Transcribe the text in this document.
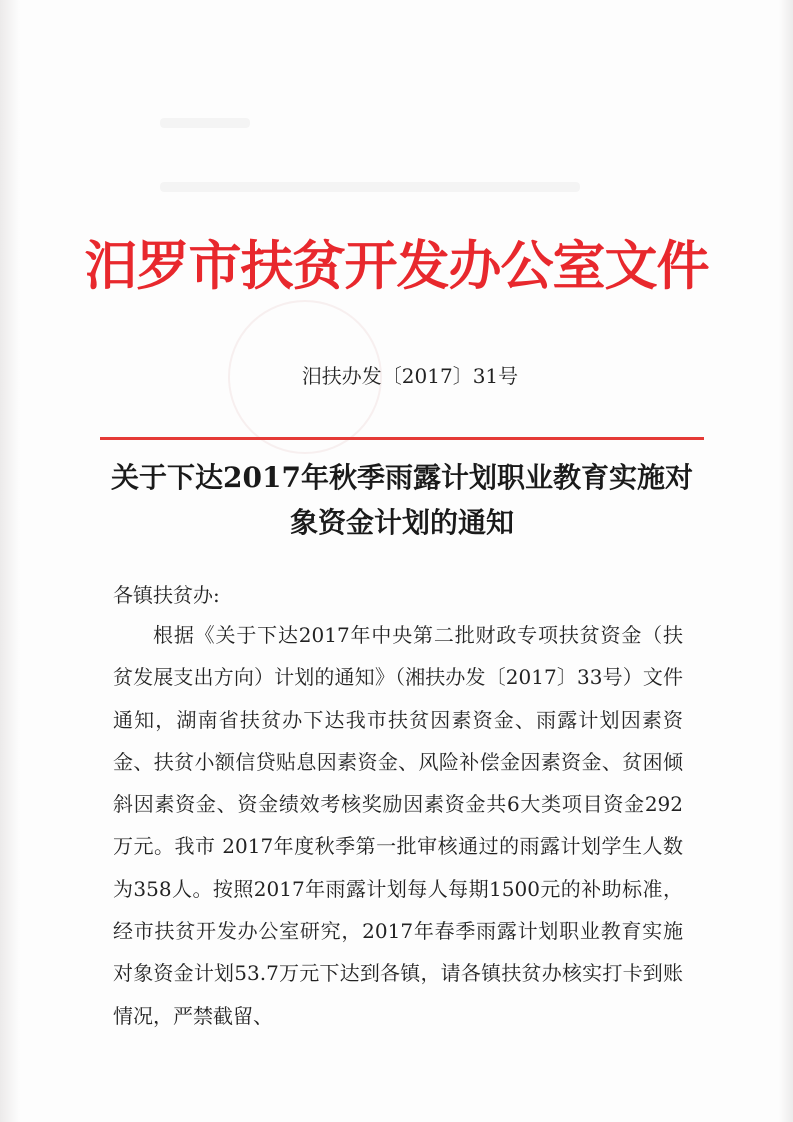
汨罗市扶贫开发办公室文件
汨扶办发〔2017〕31号
关于下达2017年秋季雨露计划职业教育实施对象资金计划的通知
各镇扶贫办:

根据《关于下达2017年中央第二批财政专项扶贫资金（扶贫发展支出方向）计划的通知》（湘扶办发〔2017〕33号）文件通知，湖南省扶贫办下达我市扶贫因素资金、雨露计划因素资金、扶贫小额信贷贴息因素资金、风险补偿金因素资金、贫困倾斜因素资金、资金绩效考核奖励因素资金共6大类项目资金292万元。我市 2017年度秋季第一批审核通过的雨露计划学生人数为358人。按照2017年雨露计划每人每期1500元的补助标准，经市扶贫开发办公室研究，2017年春季雨露计划职业教育实施对象资金计划53.7万元下达到各镇，请各镇扶贫办核实打卡到账情况，严禁截留、
